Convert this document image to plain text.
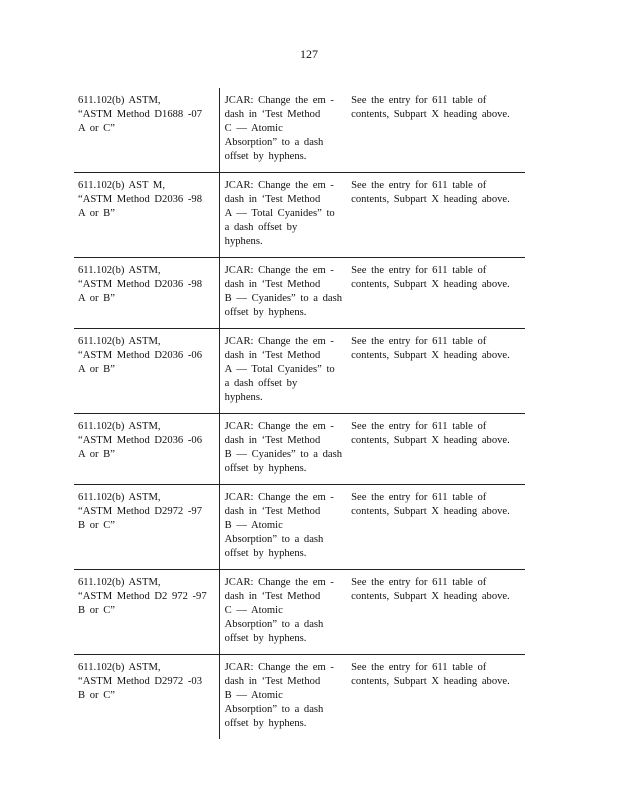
127
611.102(b) ASTM,
“ASTM Method D1688 -07
A or C”	JCAR: Change the em -
dash in ‘Test Method
C — Atomic
Absorption” to a dash
offset by hyphens.	See the entry for 611 table of
contents, Subpart X heading above.

611.102(b) AST M,
“ASTM Method D2036 -98
A or B”	JCAR: Change the em -
dash in ‘Test Method
A — Total Cyanides” to
a dash offset by
hyphens.	See the entry for 611 table of
contents, Subpart X heading above.

611.102(b) ASTM,
“ASTM Method D2036 -98
A or B”	JCAR: Change the em -
dash in ‘Test Method
B — Cyanides” to a dash
offset by hyphens.	See the entry for 611 table of
contents, Subpart X heading above.

611.102(b) ASTM,
“ASTM Method D2036 -06
A or B”	JCAR: Change the em -
dash in ‘Test Method
A — Total Cyanides” to
a dash offset by
hyphens.	See the entry for 611 table of
contents, Subpart X heading above.

611.102(b) ASTM,
“ASTM Method D2036 -06
A or B”	JCAR: Change the em -
dash in ‘Test Method
B — Cyanides” to a dash
offset by hyphens.	See the entry for 611 table of
contents, Subpart X heading above.

611.102(b) ASTM,
“ASTM Method D2972 -97
B or C”	JCAR: Change the em -
dash in ‘Test Method
B — Atomic
Absorption” to a dash
offset by hyphens.	See the entry for 611 table of
contents, Subpart X heading above.

611.102(b) ASTM,
“ASTM Method D2 972 -97
B or C”	JCAR: Change the em -
dash in ‘Test Method
C — Atomic
Absorption” to a dash
offset by hyphens.	See the entry for 611 table of
contents, Subpart X heading above.

611.102(b) ASTM,
“ASTM Method D2972 -03
B or C”	JCAR: Change the em -
dash in ‘Test Method
B — Atomic
Absorption” to a dash
offset by hyphens.	See the entry for 611 table of
contents, Subpart X heading above.
